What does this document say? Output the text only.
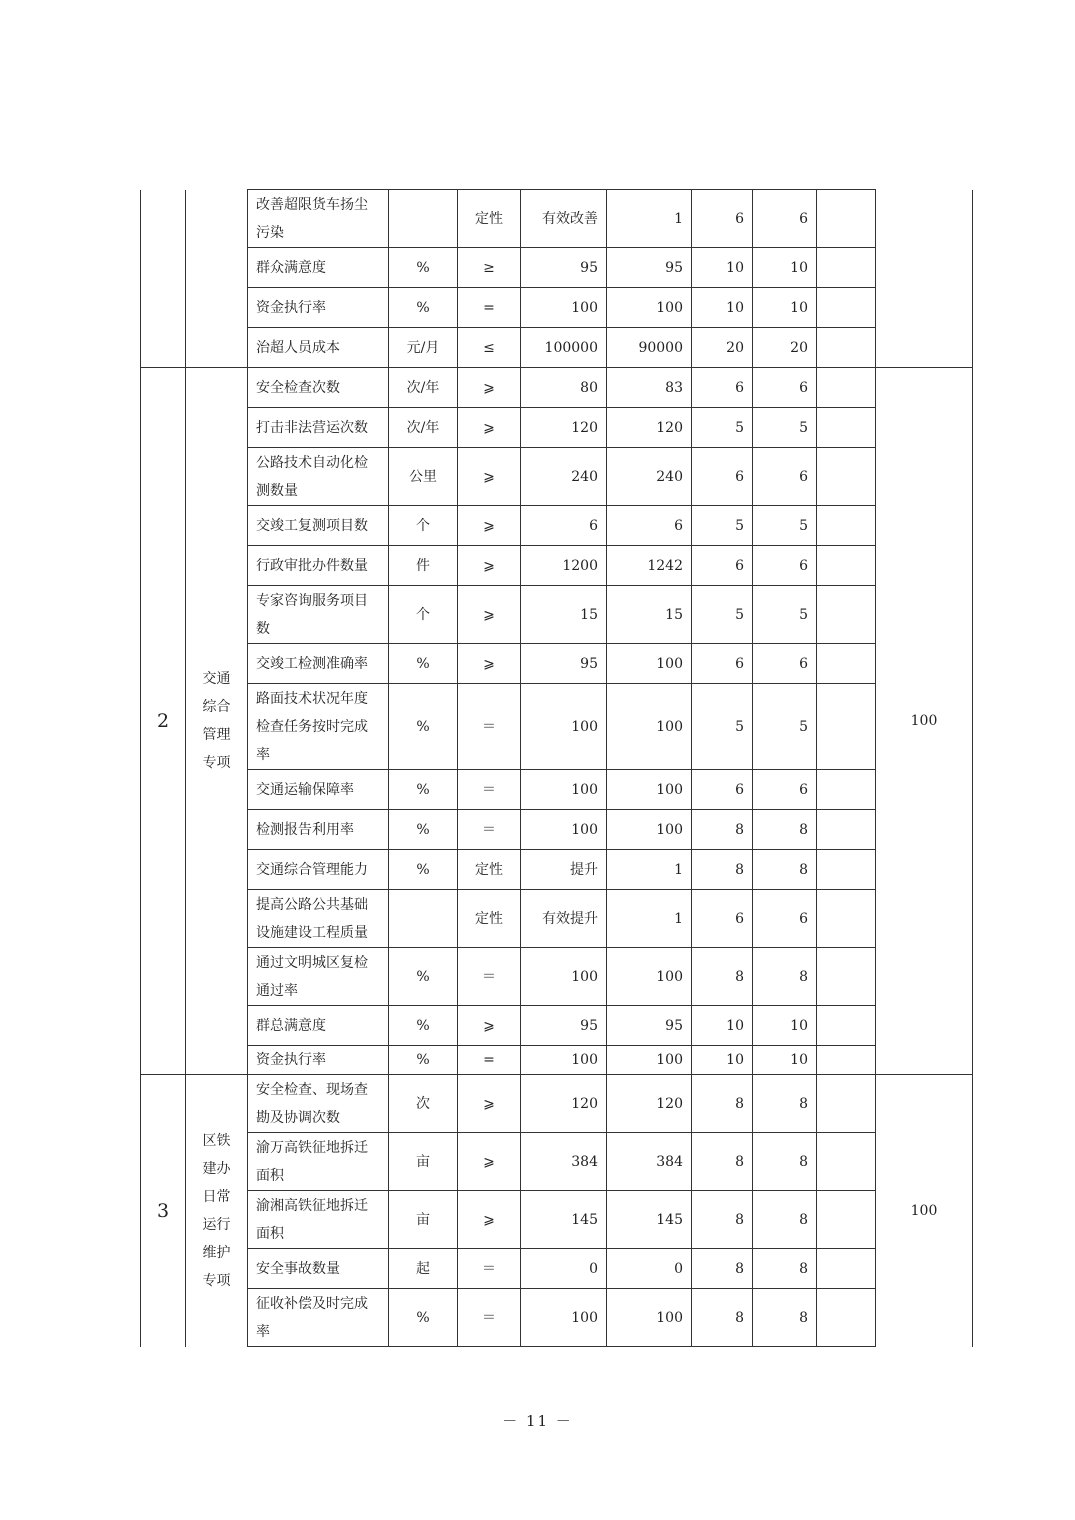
		改善超限货车扬尘污染		定性	有效改善	1	6	6		
		群众满意度	%	≥	95	95	10	10		
		资金执行率	%	=	100	100	10	10		
		治超人员成本	元/月	≤	100000	90000	20	20		
2	交通综合管理专项	安全检查次数	次/年	⩾	80	83	6	6		100
		打击非法营运次数	次/年	⩾	120	120	5	5		
		公路技术自动化检测数量	公里	⩾	240	240	6	6		
		交竣工复测项目数	个	⩾	6	6	5	5		
		行政审批办件数量	件	⩾	1200	1242	6	6		
		专家咨询服务项目数	个	⩾	15	15	5	5		
		交竣工检测准确率	%	⩾	95	100	6	6		
		路面技术状况年度检查任务按时完成率	%	＝	100	100	5	5		
		交通运输保障率	%	＝	100	100	6	6		
		检测报告利用率	%	＝	100	100	8	8		
		交通综合管理能力	%	定性	提升	1	8	8		
		提高公路公共基础设施建设工程质量		定性	有效提升	1	6	6		
		通过文明城区复检通过率	%	＝	100	100	8	8		
		群总满意度	%	⩾	95	95	10	10		
		资金执行率	%	=	100	100	10	10		
3	区铁建办日常运行维护专项	安全检查、现场查勘及协调次数	次	⩾	120	120	8	8		100
		渝万高铁征地拆迁面积	亩	⩾	384	384	8	8		
		渝湘高铁征地拆迁面积	亩	⩾	145	145	8	8		
		安全事故数量	起	＝	0	0	8	8		
		征收补偿及时完成率	%	＝	100	100	8	8		
－ 11 －
